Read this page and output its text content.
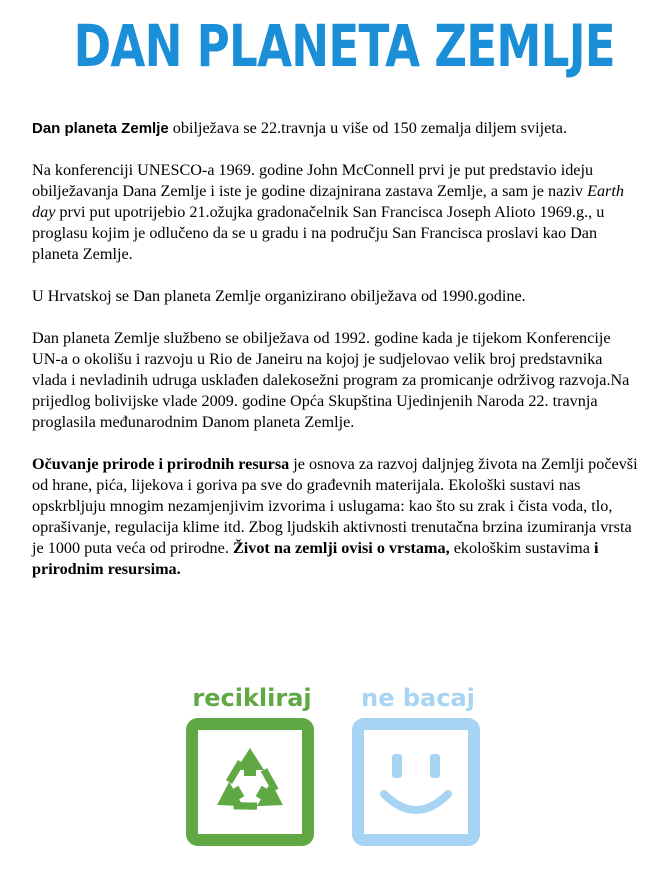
DAN PLANETA ZEMLJE

Dan planeta Zemlje obilježava se 22.travnja u više od 150 zemalja diljem svijeta.

Na konferenciji UNESCO-a 1969. godine John McConnell prvi je put predstavio ideju obilježavanja Dana Zemlje i iste je godine dizajnirana zastava Zemlje, a sam je naziv Earth day prvi put upotrijebio 21.ožujka gradonačelnik San Francisca Joseph Alioto 1969.g., u proglasu kojim je odlučeno da se u gradu i na području San Francisca proslavi kao Dan planeta Zemlje.

U Hrvatskoj se Dan planeta Zemlje organizirano obilježava od 1990.godine.

Dan planeta Zemlje službeno se obilježava od 1992. godine kada je tijekom Konferencije UN-a o okolišu i razvoju u Rio de Janeiru na kojoj je sudjelovao velik broj predstavnika vlada i nevladinih udruga usklađen dalekosežni program za promicanje održivog razvoja.Na prijedlog bolivijske vlade 2009. godine Opća Skupština Ujedinjenih Naroda 22. travnja proglasila međunarodnim Danom planeta Zemlje.

Očuvanje prirode i prirodnih resursa je osnova za razvoj daljnjeg života na Zemlji počevši od hrane, pića, lijekova i goriva pa sve do građevnih materijala. Ekološki sustavi nas opskrbljuju mnogim nezamjenjivim izvorima i uslugama: kao što su zrak i čista voda, tlo, oprašivanje, regulacija klime itd. Zbog ljudskih aktivnosti trenutačna brzina izumiranja vrsta je 1000 puta veća od prirodne. Život na zemlji ovisi o vrstama, ekološkim sustavima i prirodnim resursima.

recikliraj	ne bacaj
